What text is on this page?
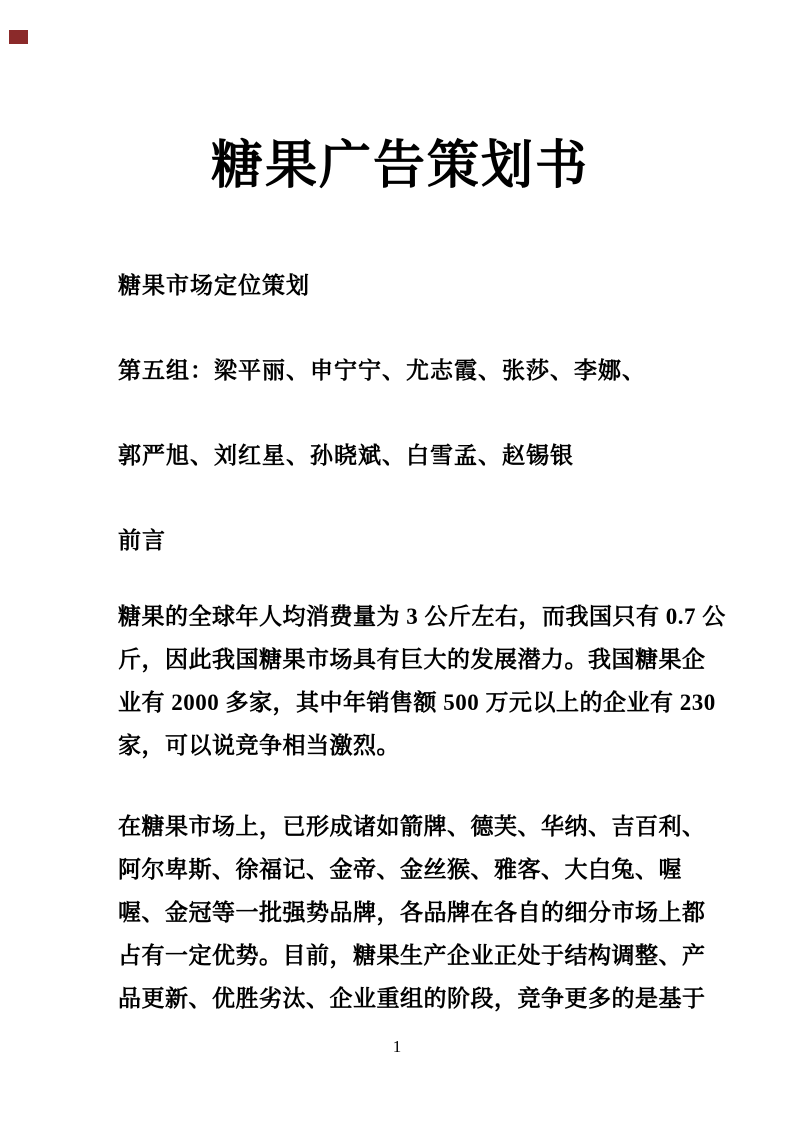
糖果广告策划书
糖果市场定位策划
第五组：梁平丽、申宁宁、尤志霞、张莎、李娜、
郭严旭、刘红星、孙晓斌、白雪孟、赵锡银
前言
糖果的全球年人均消费量为 3 公斤左右，而我国只有 0.7 公
斤，因此我国糖果市场具有巨大的发展潜力。我国糖果企
业有 2000 多家，其中年销售额 500 万元以上的企业有 230
家，可以说竞争相当激烈。
在糖果市场上，已形成诸如箭牌、德芙、华纳、吉百利、
阿尔卑斯、徐福记、金帝、金丝猴、雅客、大白兔、喔
喔、金冠等一批强势品牌，各品牌在各自的细分市场上都
占有一定优势。目前，糖果生产企业正处于结构调整、产
品更新、优胜劣汰、企业重组的阶段，竞争更多的是基于
1
